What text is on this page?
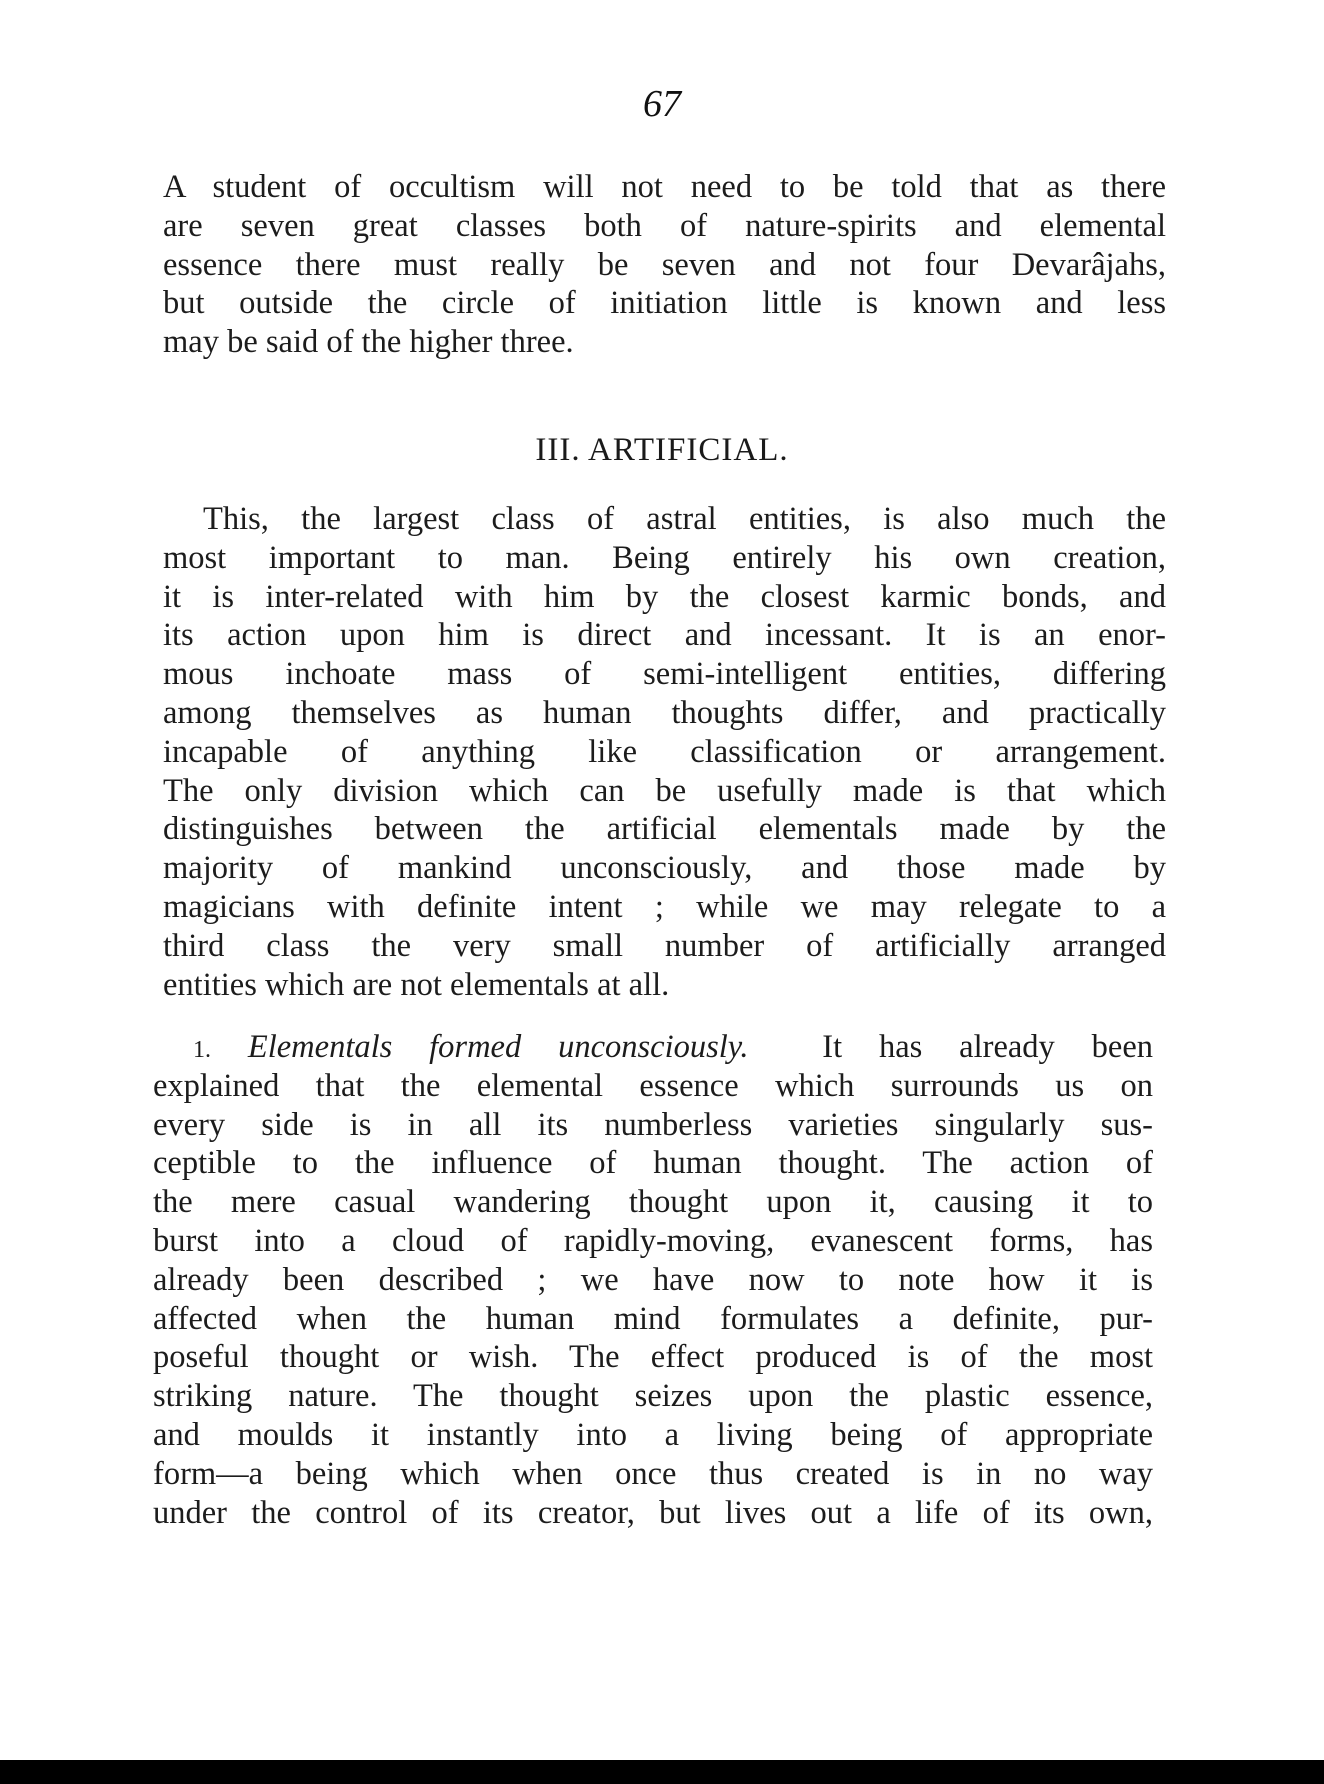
67
A student of occultism will not need to be told that as there
are seven great classes both of nature-spirits and elemental
essence there must really be seven and not four Devarâjahs,
but outside the circle of initiation little is known and less
may be said of the higher three.
III. ARTIFICIAL.
This, the largest class of astral entities, is also much the
most important to man. Being entirely his own creation,
it is inter-related with him by the closest karmic bonds, and
its action upon him is direct and incessant. It is an enor-
mous inchoate mass of semi-intelligent entities, differing
among themselves as human thoughts differ, and practically
incapable of anything like classification or arrangement.
The only division which can be usefully made is that which
distinguishes between the artificial elementals made by the
majority of mankind unconsciously, and those made by
magicians with definite intent ; while we may relegate to a
third class the very small number of artificially arranged
entities which are not elementals at all.
1. Elementals formed unconsciously. It has already been
explained that the elemental essence which surrounds us on
every side is in all its numberless varieties singularly sus-
ceptible to the influence of human thought. The action of
the mere casual wandering thought upon it, causing it to
burst into a cloud of rapidly-moving, evanescent forms, has
already been described ; we have now to note how it is
affected when the human mind formulates a definite, pur-
poseful thought or wish. The effect produced is of the most
striking nature. The thought seizes upon the plastic essence,
and moulds it instantly into a living being of appropriate
form—a being which when once thus created is in no way
under the control of its creator, but lives out a life of its own,
